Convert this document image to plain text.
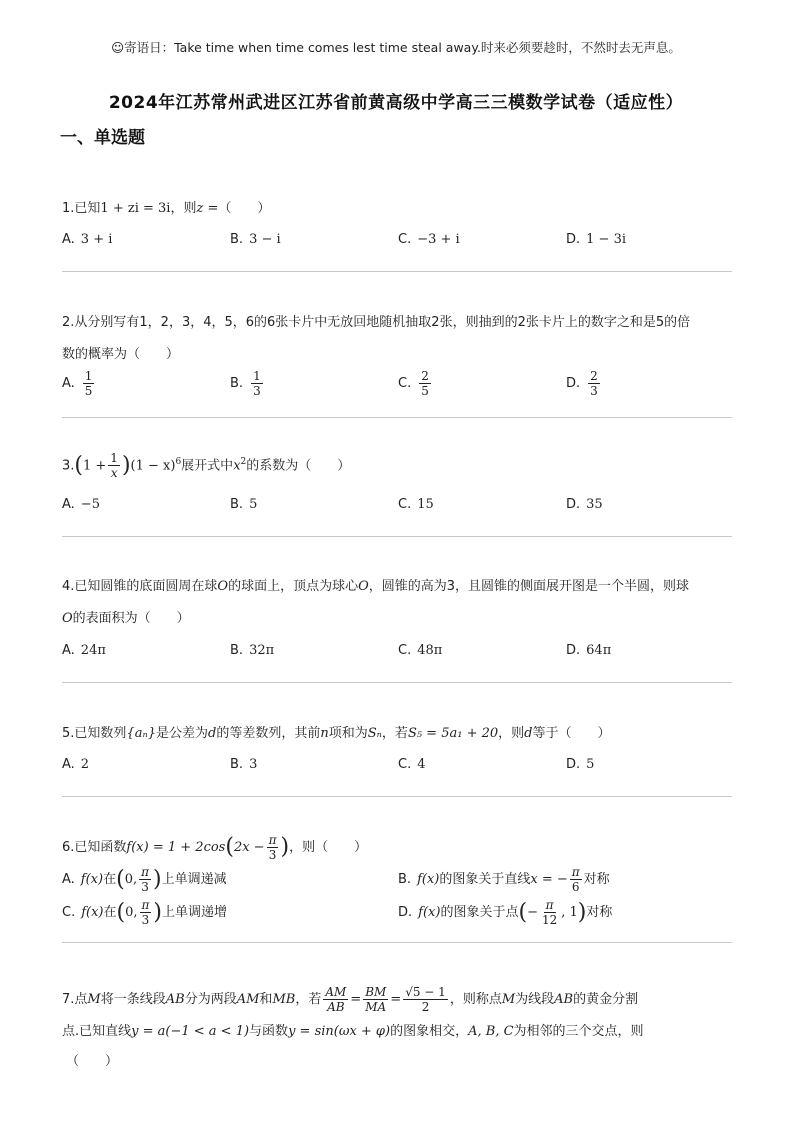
☺寄语日：Take time when time comes lest time steal away.时来必须要趁时，不然时去无声息。
2024年江苏常州武进区江苏省前黄高级中学高三三模数学试卷（适应性）
一、单选题
1.已知1 + zi = 3i，则z =（　　）
A. 3 + i	B. 3 − i	C. −3 + i	D. 1 − 3i
2.从分别写有1，2，3，4，5，6的6张卡片中无放回地随机抽取2张，则抽到的2张卡片上的数字之和是5的倍
数的概率为（　　）
A. $\frac{1}{5}$	B. $\frac{1}{3}$	C. $\frac{2}{5}$	D. $\frac{2}{3}$
$3.(1 + \frac{1}{x} )(1 - x)^6$展开式中$x^2$的系数为（　　）
A. −5	B. 5	C. 15	D. 35
4.已知圆锥的底面圆周在球O的球面上，顶点为球心O，圆锥的高为3，且圆锥的侧面展开图是一个半圆，则球
O的表面积为（　　）
A. 24π	B. 32π	C. 48π	D. 64π
5.已知数列{aₙ}是公差为d的等差数列，其前n项和为Sₙ，若S₅ = 5a₁ + 20，则d等于（　　）
A. 2	B. 3	C. 4	D. 5
6.已知函数$f(x) = 1 + 2\cos(2x - \frac{\pi}{3}$ )，则（　　）
A. f(x)在(0, $\frac{\pi}{3}$ )上单调递减	B. f(x)的图象关于直线x = − $\frac{\pi}{6}$ 对称
C. f(x)在(0, $\frac{\pi}{3}$ )上单调递增	D. f(x)的图象关于点(− $\frac{\pi}{12}$ , 1)对称
7.点M将一条线段AB分为两段AM和MB，若 $\frac{AM}{AB} = \frac{BM}{MA} = \frac{√5 - 1}{2}$ ，则称点M为线段AB的黄金分割
点.已知直线y = a(−1 < a < 1)与函数y = sin(ωx + φ)的图象相交，A, B, C为相邻的三个交点，则
（　　）
